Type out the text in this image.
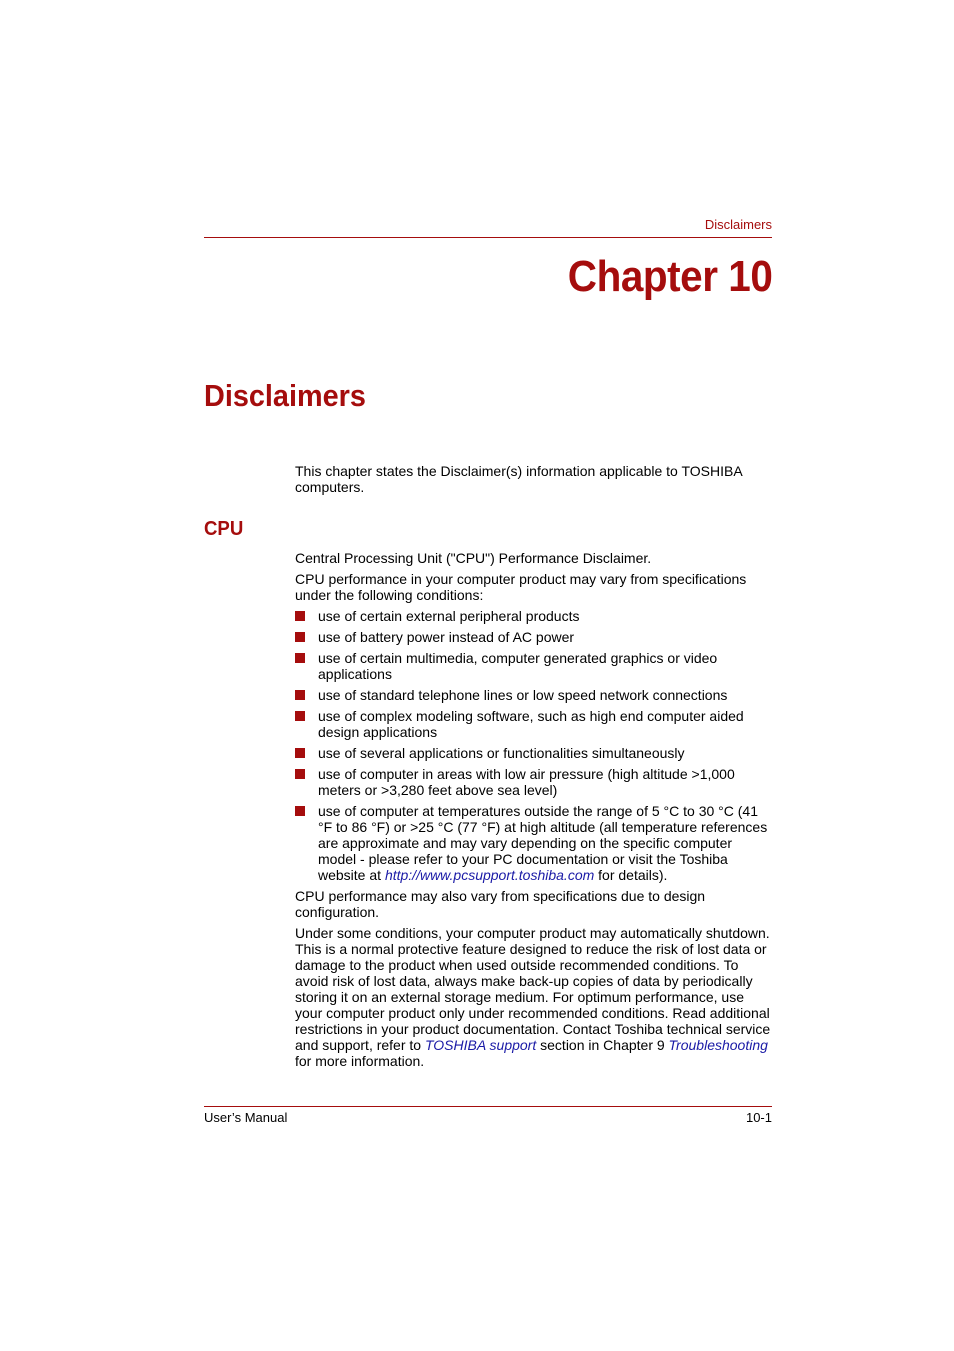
Disclaimers
Chapter 10
Disclaimers

This chapter states the Disclaimer(s) information applicable to TOSHIBA computers.

CPU

Central Processing Unit ("CPU") Performance Disclaimer.

CPU performance in your computer product may vary from specifications under the following conditions:

use of certain external peripheral products
use of battery power instead of AC power
use of certain multimedia, computer generated graphics or video applications
use of standard telephone lines or low speed network connections
use of complex modeling software, such as high end computer aided design applications
use of several applications or functionalities simultaneously
use of computer in areas with low air pressure (high altitude >1,000 meters or >3,280 feet above sea level)
use of computer at temperatures outside the range of 5 °C to 30 °C (41 °F to 86 °F) or >25 °C (77 °F) at high altitude (all temperature references are approximate and may vary depending on the specific computer model - please refer to your PC documentation or visit the Toshiba website at http://www.pcsupport.toshiba.com for details).

CPU performance may also vary from specifications due to design configuration.

Under some conditions, your computer product may automatically shutdown. This is a normal protective feature designed to reduce the risk of lost data or damage to the product when used outside recommended conditions. To avoid risk of lost data, always make back-up copies of data by periodically storing it on an external storage medium. For optimum performance, use your computer product only under recommended conditions. Read additional restrictions in your product documentation. Contact Toshiba technical service and support, refer to TOSHIBA support section in Chapter 9 Troubleshooting for more information.

User’s Manual	10-1
